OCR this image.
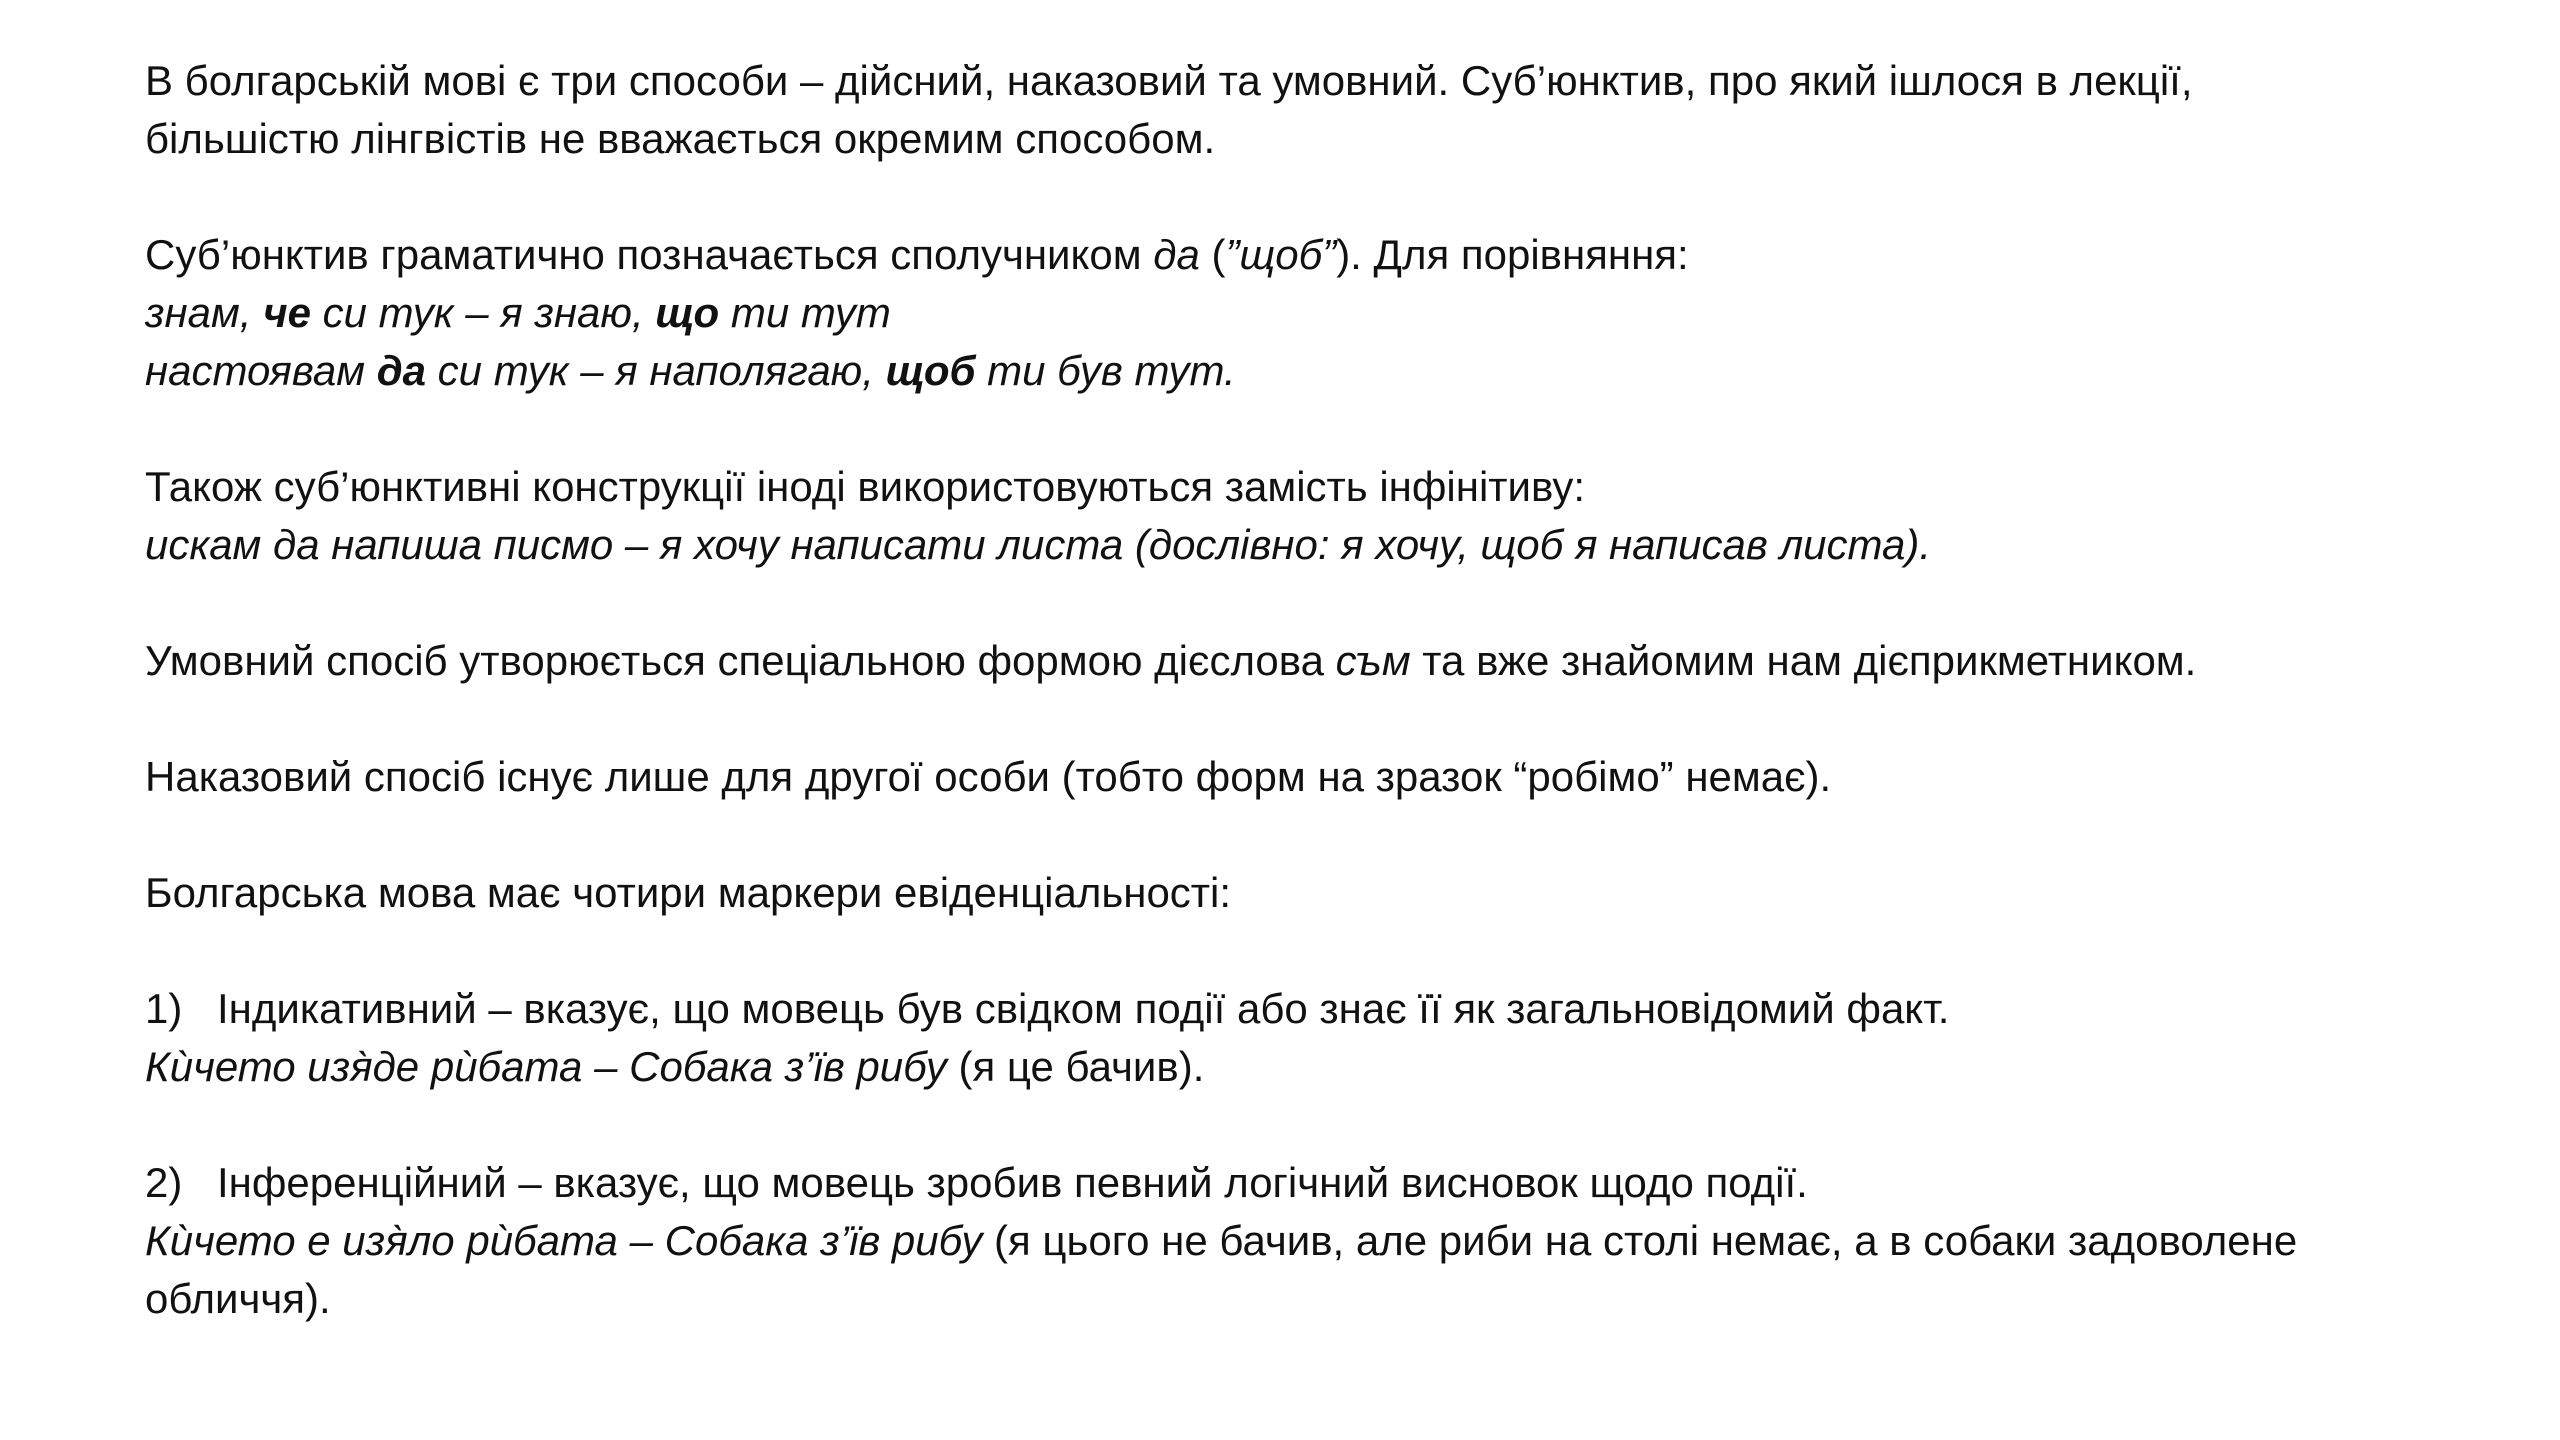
В болгарській мові є три способи – дійсний, наказовий та умовний. Суб’юнктив, про який ішлося в лекції,

більшістю лінгвістів не вважається окремим способом.

Суб’юнктив граматично позначається сполучником да (”щоб”). Для порівняння:

знам, че си тук – я знаю, що ти тут

настоявам да си тук – я наполягаю, щоб ти був тут.

Також суб’юнктивні конструкції іноді використовуються замість інфінітиву:

искам да напиша писмо – я хочу написати листа (дослівно: я хочу, щоб я написав листа).

Умовний спосіб утворюється спеціальною формою дієслова съм та вже знайомим нам дієприкметником.

Наказовий спосіб існує лише для другої особи (тобто форм на зразок “робімо” немає).

Болгарська мова має чотири маркери евіденціальності:

1) Індикативний – вказує, що мовець був свідком події або знає її як загальновідомий факт.

Кѝчето изя̀де рѝбата – Собака з’їв рибу (я це бачив).

2) Інференційний – вказує, що мовець зробив певний логічний висновок щодо події.

Кѝчето е изя̀ло рѝбата – Собака з’їв рибу (я цього не бачив, але риби на столі немає, а в собаки задоволене

обличчя).
